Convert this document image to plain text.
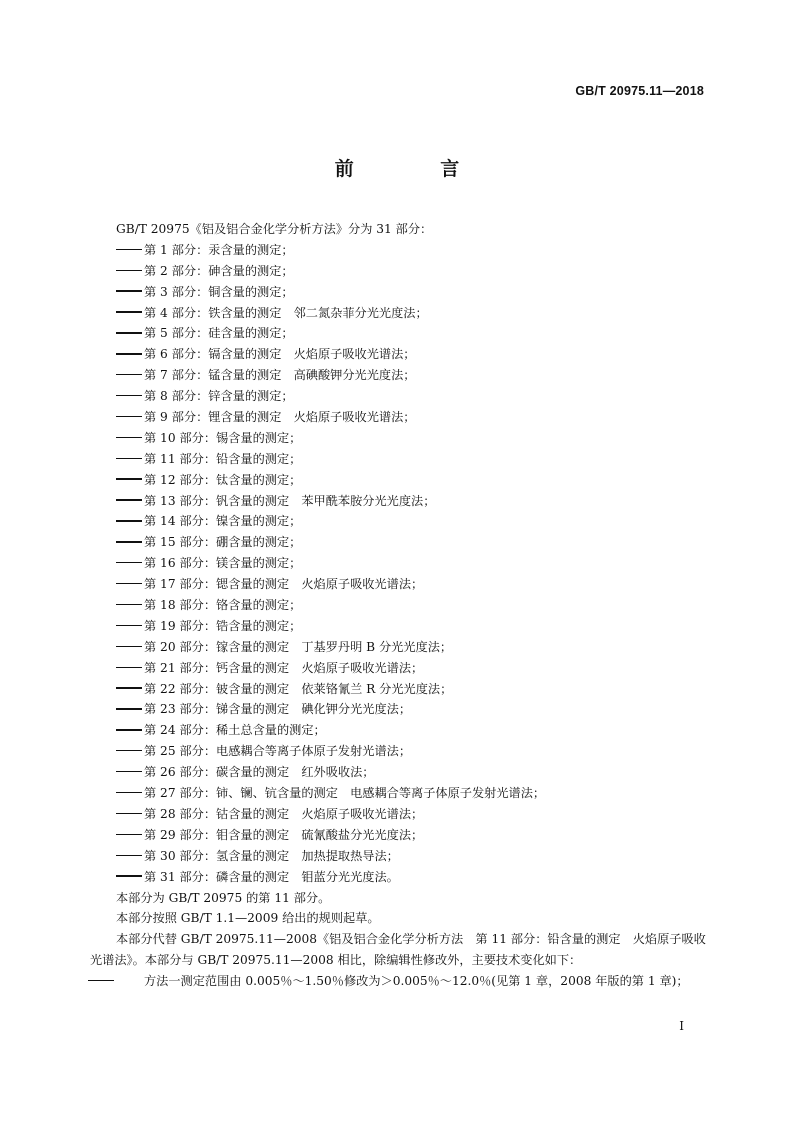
GB/T 20975.11—2018
前 言
GB/T 20975《铝及铝合金化学分析方法》分为 31 部分：
第 1 部分：汞含量的测定；
第 2 部分：砷含量的测定；
第 3 部分：铜含量的测定；
第 4 部分：铁含量的测定　邻二氮杂菲分光光度法；
第 5 部分：硅含量的测定；
第 6 部分：镉含量的测定　火焰原子吸收光谱法；
第 7 部分：锰含量的测定　高碘酸钾分光光度法；
第 8 部分：锌含量的测定；
第 9 部分：锂含量的测定　火焰原子吸收光谱法；
第 10 部分：锡含量的测定；
第 11 部分：铅含量的测定；
第 12 部分：钛含量的测定；
第 13 部分：钒含量的测定　苯甲酰苯胺分光光度法；
第 14 部分：镍含量的测定；
第 15 部分：硼含量的测定；
第 16 部分：镁含量的测定；
第 17 部分：锶含量的测定　火焰原子吸收光谱法；
第 18 部分：铬含量的测定；
第 19 部分：锆含量的测定；
第 20 部分：镓含量的测定　丁基罗丹明 B 分光光度法；
第 21 部分：钙含量的测定　火焰原子吸收光谱法；
第 22 部分：铍含量的测定　依莱铬氰兰 R 分光光度法；
第 23 部分：锑含量的测定　碘化钾分光光度法；
第 24 部分：稀土总含量的测定；
第 25 部分：电感耦合等离子体原子发射光谱法；
第 26 部分：碳含量的测定　红外吸收法；
第 27 部分：铈、镧、钪含量的测定　电感耦合等离子体原子发射光谱法；
第 28 部分：钴含量的测定　火焰原子吸收光谱法；
第 29 部分：钼含量的测定　硫氰酸盐分光光度法；
第 30 部分：氢含量的测定　加热提取热导法；
第 31 部分：磷含量的测定　钼蓝分光光度法。
本部分为 GB/T 20975 的第 11 部分。
本部分按照 GB/T 1.1—2009 给出的规则起草。
本部分代替 GB/T 20975.11—2008《铝及铝合金化学分析方法　第 11 部分：铅含量的测定　火焰原子吸收光谱法》。本部分与 GB/T 20975.11—2008 相比，除编辑性修改外，主要技术变化如下：
方法一测定范围由 0.005％～1.50％修改为＞0.005％～12.0％(见第 1 章，2008 年版的第 1 章)；
I
